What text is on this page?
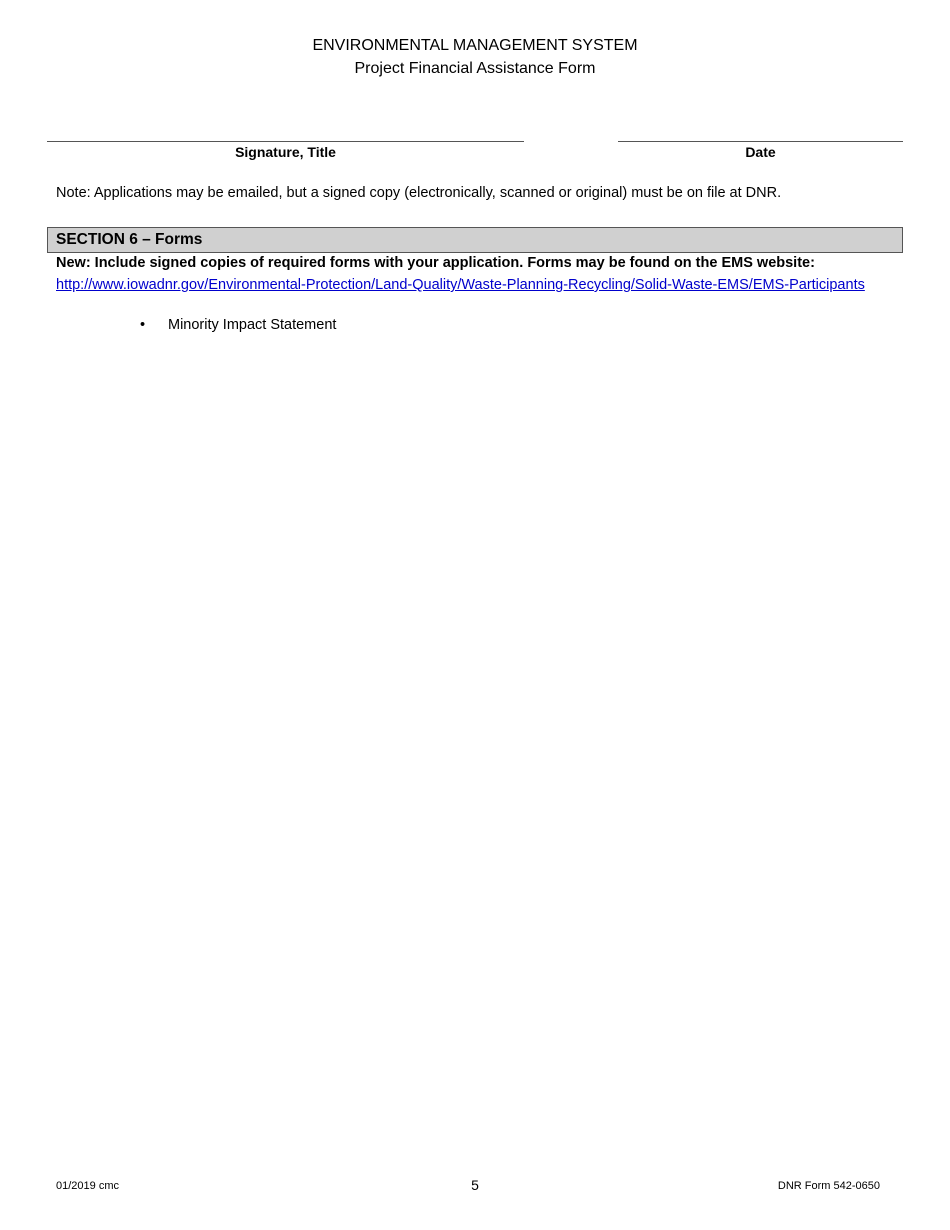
ENVIRONMENTAL MANAGEMENT SYSTEM
Project Financial Assistance Form
Signature, Title	Date
Note: Applications may be emailed, but a signed copy (electronically, scanned or original) must be on file at DNR.
SECTION 6 – Forms
New: Include signed copies of required forms with your application. Forms may be found on the EMS website:
http://www.iowadnr.gov/Environmental-Protection/Land-Quality/Waste-Planning-Recycling/Solid-Waste-EMS/EMS-Participants
• Minority Impact Statement
01/2019 cmc	5	DNR Form 542-0650
